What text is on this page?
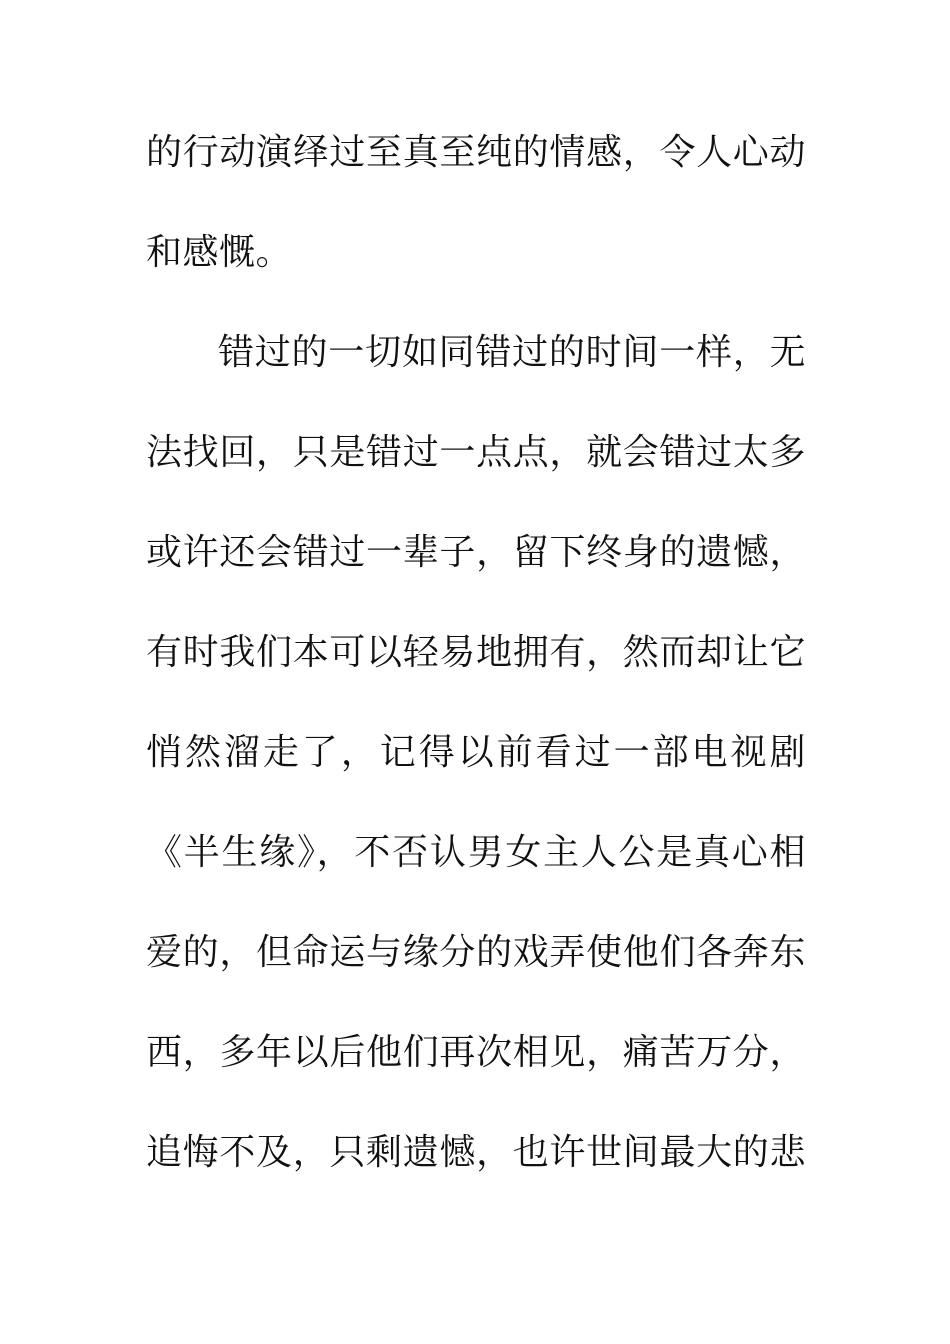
的行动演绎过至真至纯的情感，令人心动
和感慨。
错过的一切如同错过的时间一样，无
法找回，只是错过一点点，就会错过太多
或许还会错过一辈子，留下终身的遗憾，
有时我们本可以轻易地拥有，然而却让它
悄然溜走了，记得以前看过一部电视剧
《半生缘》，不否认男女主人公是真心相
爱的，但命运与缘分的戏弄使他们各奔东
西，多年以后他们再次相见，痛苦万分，
追悔不及，只剩遗憾，也许世间最大的悲
